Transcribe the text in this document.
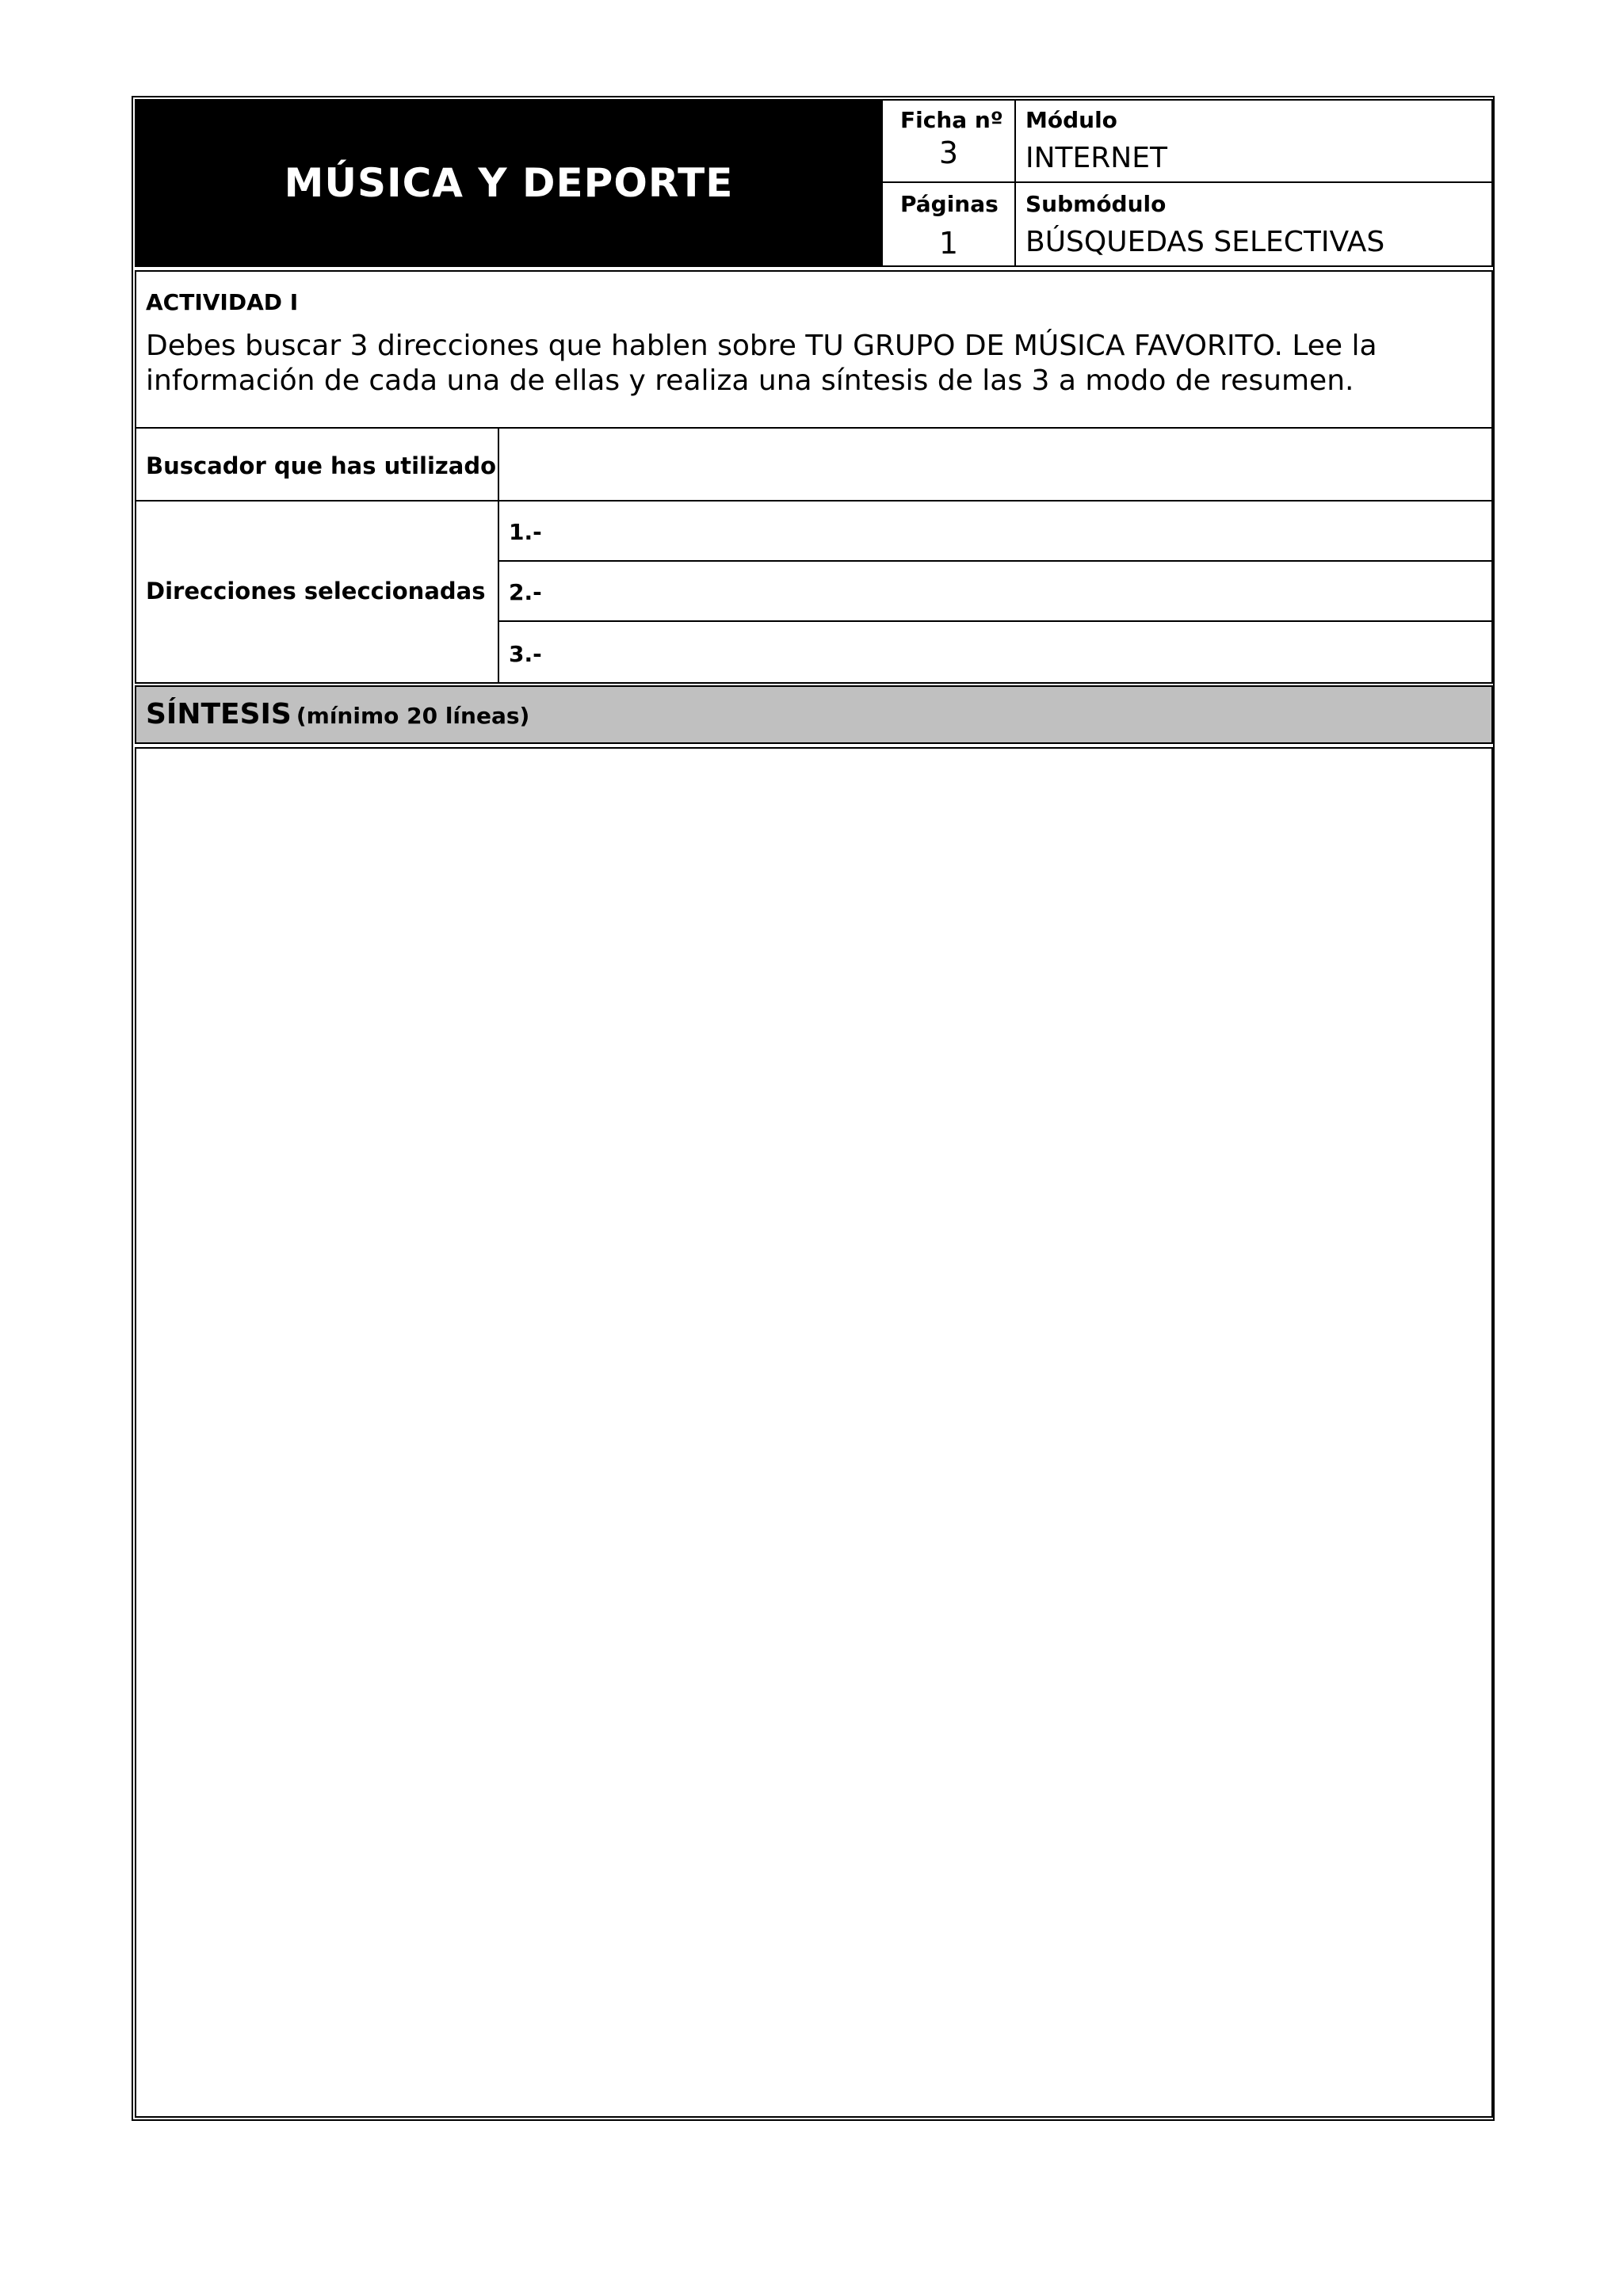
MÚSICA Y DEPORTE
Ficha nº
3
Módulo
INTERNET
Páginas
1
Submódulo
BÚSQUEDAS SELECTIVAS
ACTIVIDAD I
Debes buscar 3 direcciones que hablen sobre TU GRUPO DE MÚSICA FAVORITO. Lee la información de cada una de ellas y realiza una síntesis de las 3 a modo de resumen.
Buscador que has utilizado
Direcciones seleccionadas
1.-
2.-
3.-
SÍNTESIS (mínimo 20 líneas)
